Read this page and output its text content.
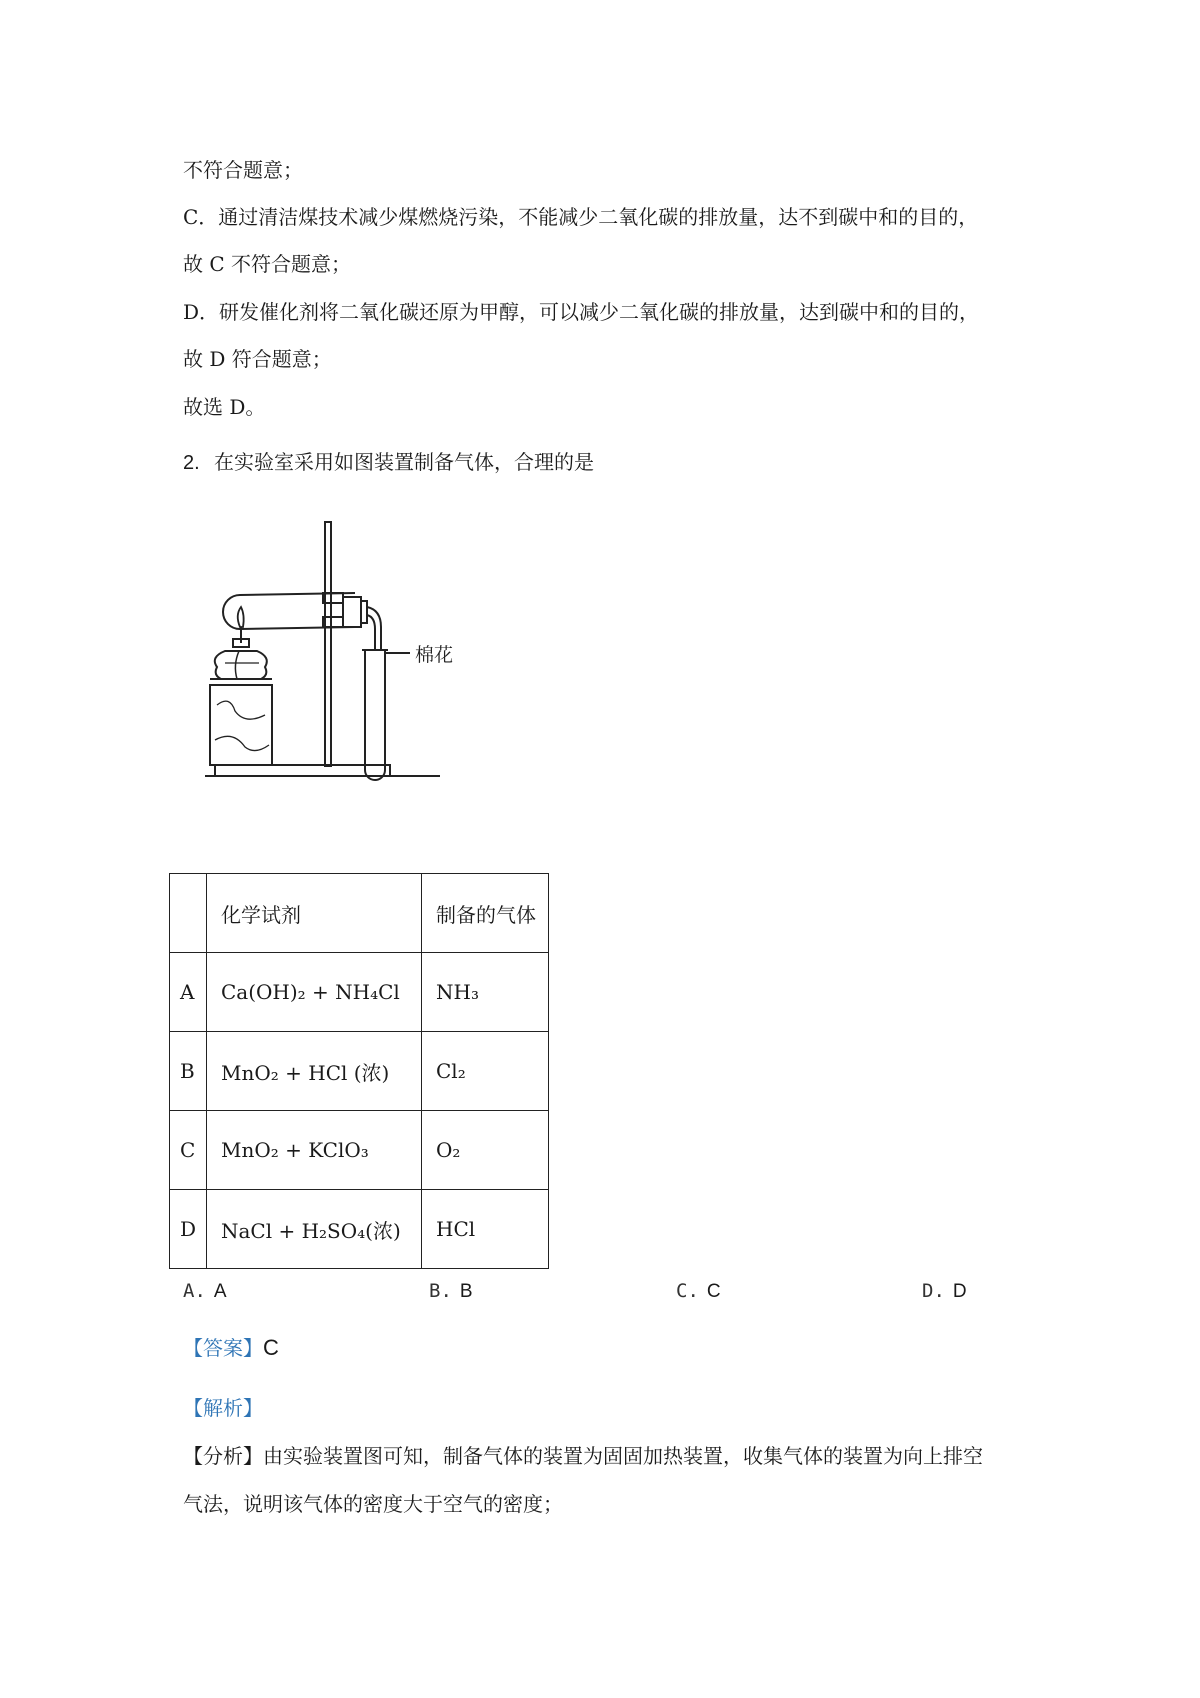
不符合题意；
C．通过清洁煤技术减少煤燃烧污染，不能减少二氧化碳的排放量，达不到碳中和的目的，
故 C 不符合题意；
D．研发催化剂将二氧化碳还原为甲醇，可以减少二氧化碳的排放量，达到碳中和的目的，
故 D 符合题意；
故选 D。
2. 在实验室采用如图装置制备气体，合理的是
棉花
	化学试剂	制备的气体
A	Ca(OH)₂ + NH₄Cl	NH₃
B	MnO₂ + HCl (浓)	Cl₂
C	MnO₂ + KClO₃	O₂
D	NaCl + H₂SO₄(浓)	HCl
A. A	B. B	C. C	D. D
【答案】C
【解析】
【分析】由实验装置图可知，制备气体的装置为固固加热装置，收集气体的装置为向上排空
气法，说明该气体的密度大于空气的密度；
